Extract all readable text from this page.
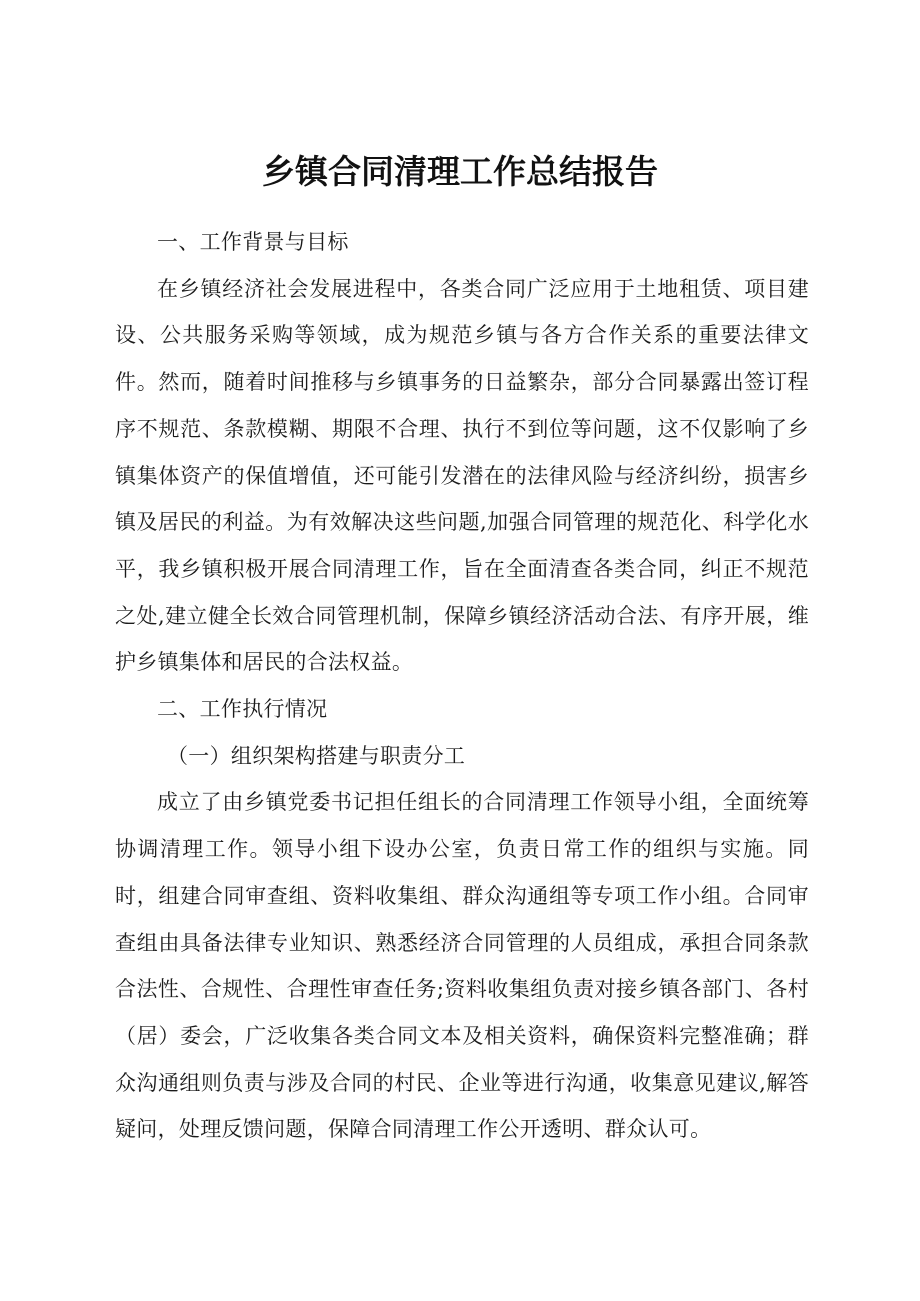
乡镇合同清理工作总结报告

一、工作背景与目标

在乡镇经济社会发展进程中，各类合同广泛应用于土地租赁、项目建设、公共服务采购等领域，成为规范乡镇与各方合作关系的重要法律文件。然而，随着时间推移与乡镇事务的日益繁杂，部分合同暴露出签订程序不规范、条款模糊、期限不合理、执行不到位等问题，这不仅影响了乡镇集体资产的保值增值，还可能引发潜在的法律风险与经济纠纷，损害乡镇及居民的利益。为有效解决这些问题,加强合同管理的规范化、科学化水平，我乡镇积极开展合同清理工作，旨在全面清查各类合同，纠正不规范之处,建立健全长效合同管理机制，保障乡镇经济活动合法、有序开展，维护乡镇集体和居民的合法权益。

二、工作执行情况

（一）组织架构搭建与职责分工

成立了由乡镇党委书记担任组长的合同清理工作领导小组，全面统筹协调清理工作。领导小组下设办公室，负责日常工作的组织与实施。同时，组建合同审查组、资料收集组、群众沟通组等专项工作小组。合同审查组由具备法律专业知识、熟悉经济合同管理的人员组成，承担合同条款合法性、合规性、合理性审查任务;资料收集组负责对接乡镇各部门、各村（居）委会，广泛收集各类合同文本及相关资料，确保资料完整准确；群众沟通组则负责与涉及合同的村民、企业等进行沟通，收集意见建议,解答疑问，处理反馈问题，保障合同清理工作公开透明、群众认可。
